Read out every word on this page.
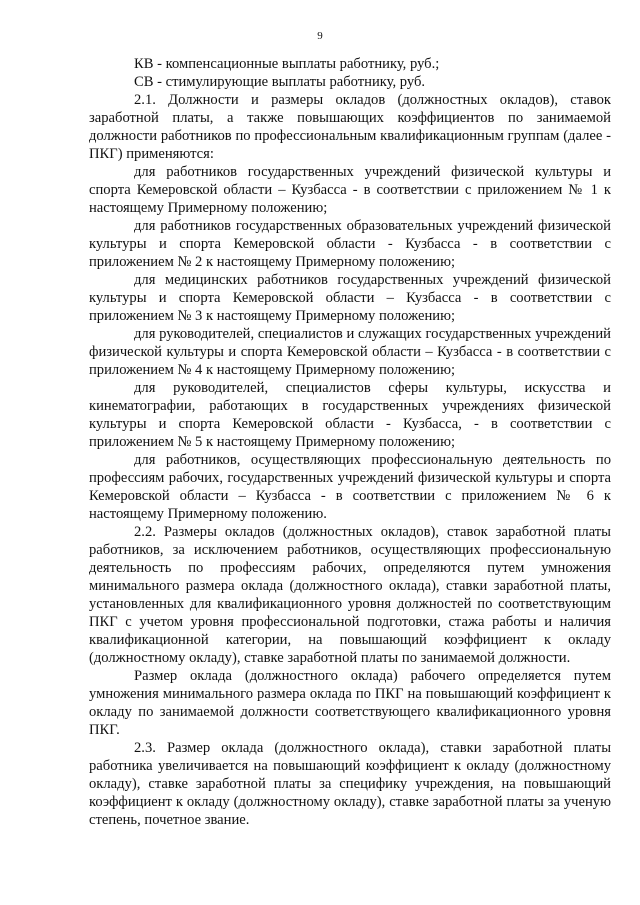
9

КВ - компенсационные выплаты работнику, руб.;

СВ - стимулирующие выплаты работнику, руб.

2.1. Должности и размеры окладов (должностных окладов), ставок заработной платы, а также повышающих коэффициентов по занимаемой должности работников по профессиональным квалификационным группам (далее - ПКГ) применяются:

для работников государственных учреждений физической культуры и спорта Кемеровской области – Кузбасса - в соответствии с приложением № 1 к настоящему Примерному положению;

для работников государственных образовательных учреждений физической культуры и спорта Кемеровской области - Кузбасса - в соответствии с приложением № 2 к настоящему Примерному положению;

для медицинских работников государственных учреждений физической культуры и спорта Кемеровской области – Кузбасса - в соответствии с приложением № 3 к настоящему Примерному положению;

для руководителей, специалистов и служащих государственных учреждений физической культуры и спорта Кемеровской области – Кузбасса - в соответствии с приложением № 4 к настоящему Примерному положению;

для руководителей, специалистов сферы культуры, искусства и кинематографии, работающих в государственных учреждениях физической культуры и спорта Кемеровской области - Кузбасса, - в соответствии с приложением № 5 к настоящему Примерному положению;

для работников, осуществляющих профессиональную деятельность по профессиям рабочих, государственных учреждений физической культуры и спорта Кемеровской области – Кузбасса - в соответствии с приложением № 6 к настоящему Примерному положению.

2.2. Размеры окладов (должностных окладов), ставок заработной платы работников, за исключением работников, осуществляющих профессиональную деятельность по профессиям рабочих, определяются путем умножения минимального размера оклада (должностного оклада), ставки заработной платы, установленных для квалификационного уровня должностей по соответствующим ПКГ с учетом уровня профессиональной подготовки, стажа работы и наличия квалификационной категории, на повышающий коэффициент к окладу (должностному окладу), ставке заработной платы по занимаемой должности.

Размер оклада (должностного оклада) рабочего определяется путем умножения минимального размера оклада по ПКГ на повышающий коэффициент к окладу по занимаемой должности соответствующего квалификационного уровня ПКГ.

2.3. Размер оклада (должностного оклада), ставки заработной платы работника увеличивается на повышающий коэффициент к окладу (должностному окладу), ставке заработной платы за специфику учреждения, на повышающий коэффициент к окладу (должностному окладу), ставке заработной платы за ученую степень, почетное звание.
